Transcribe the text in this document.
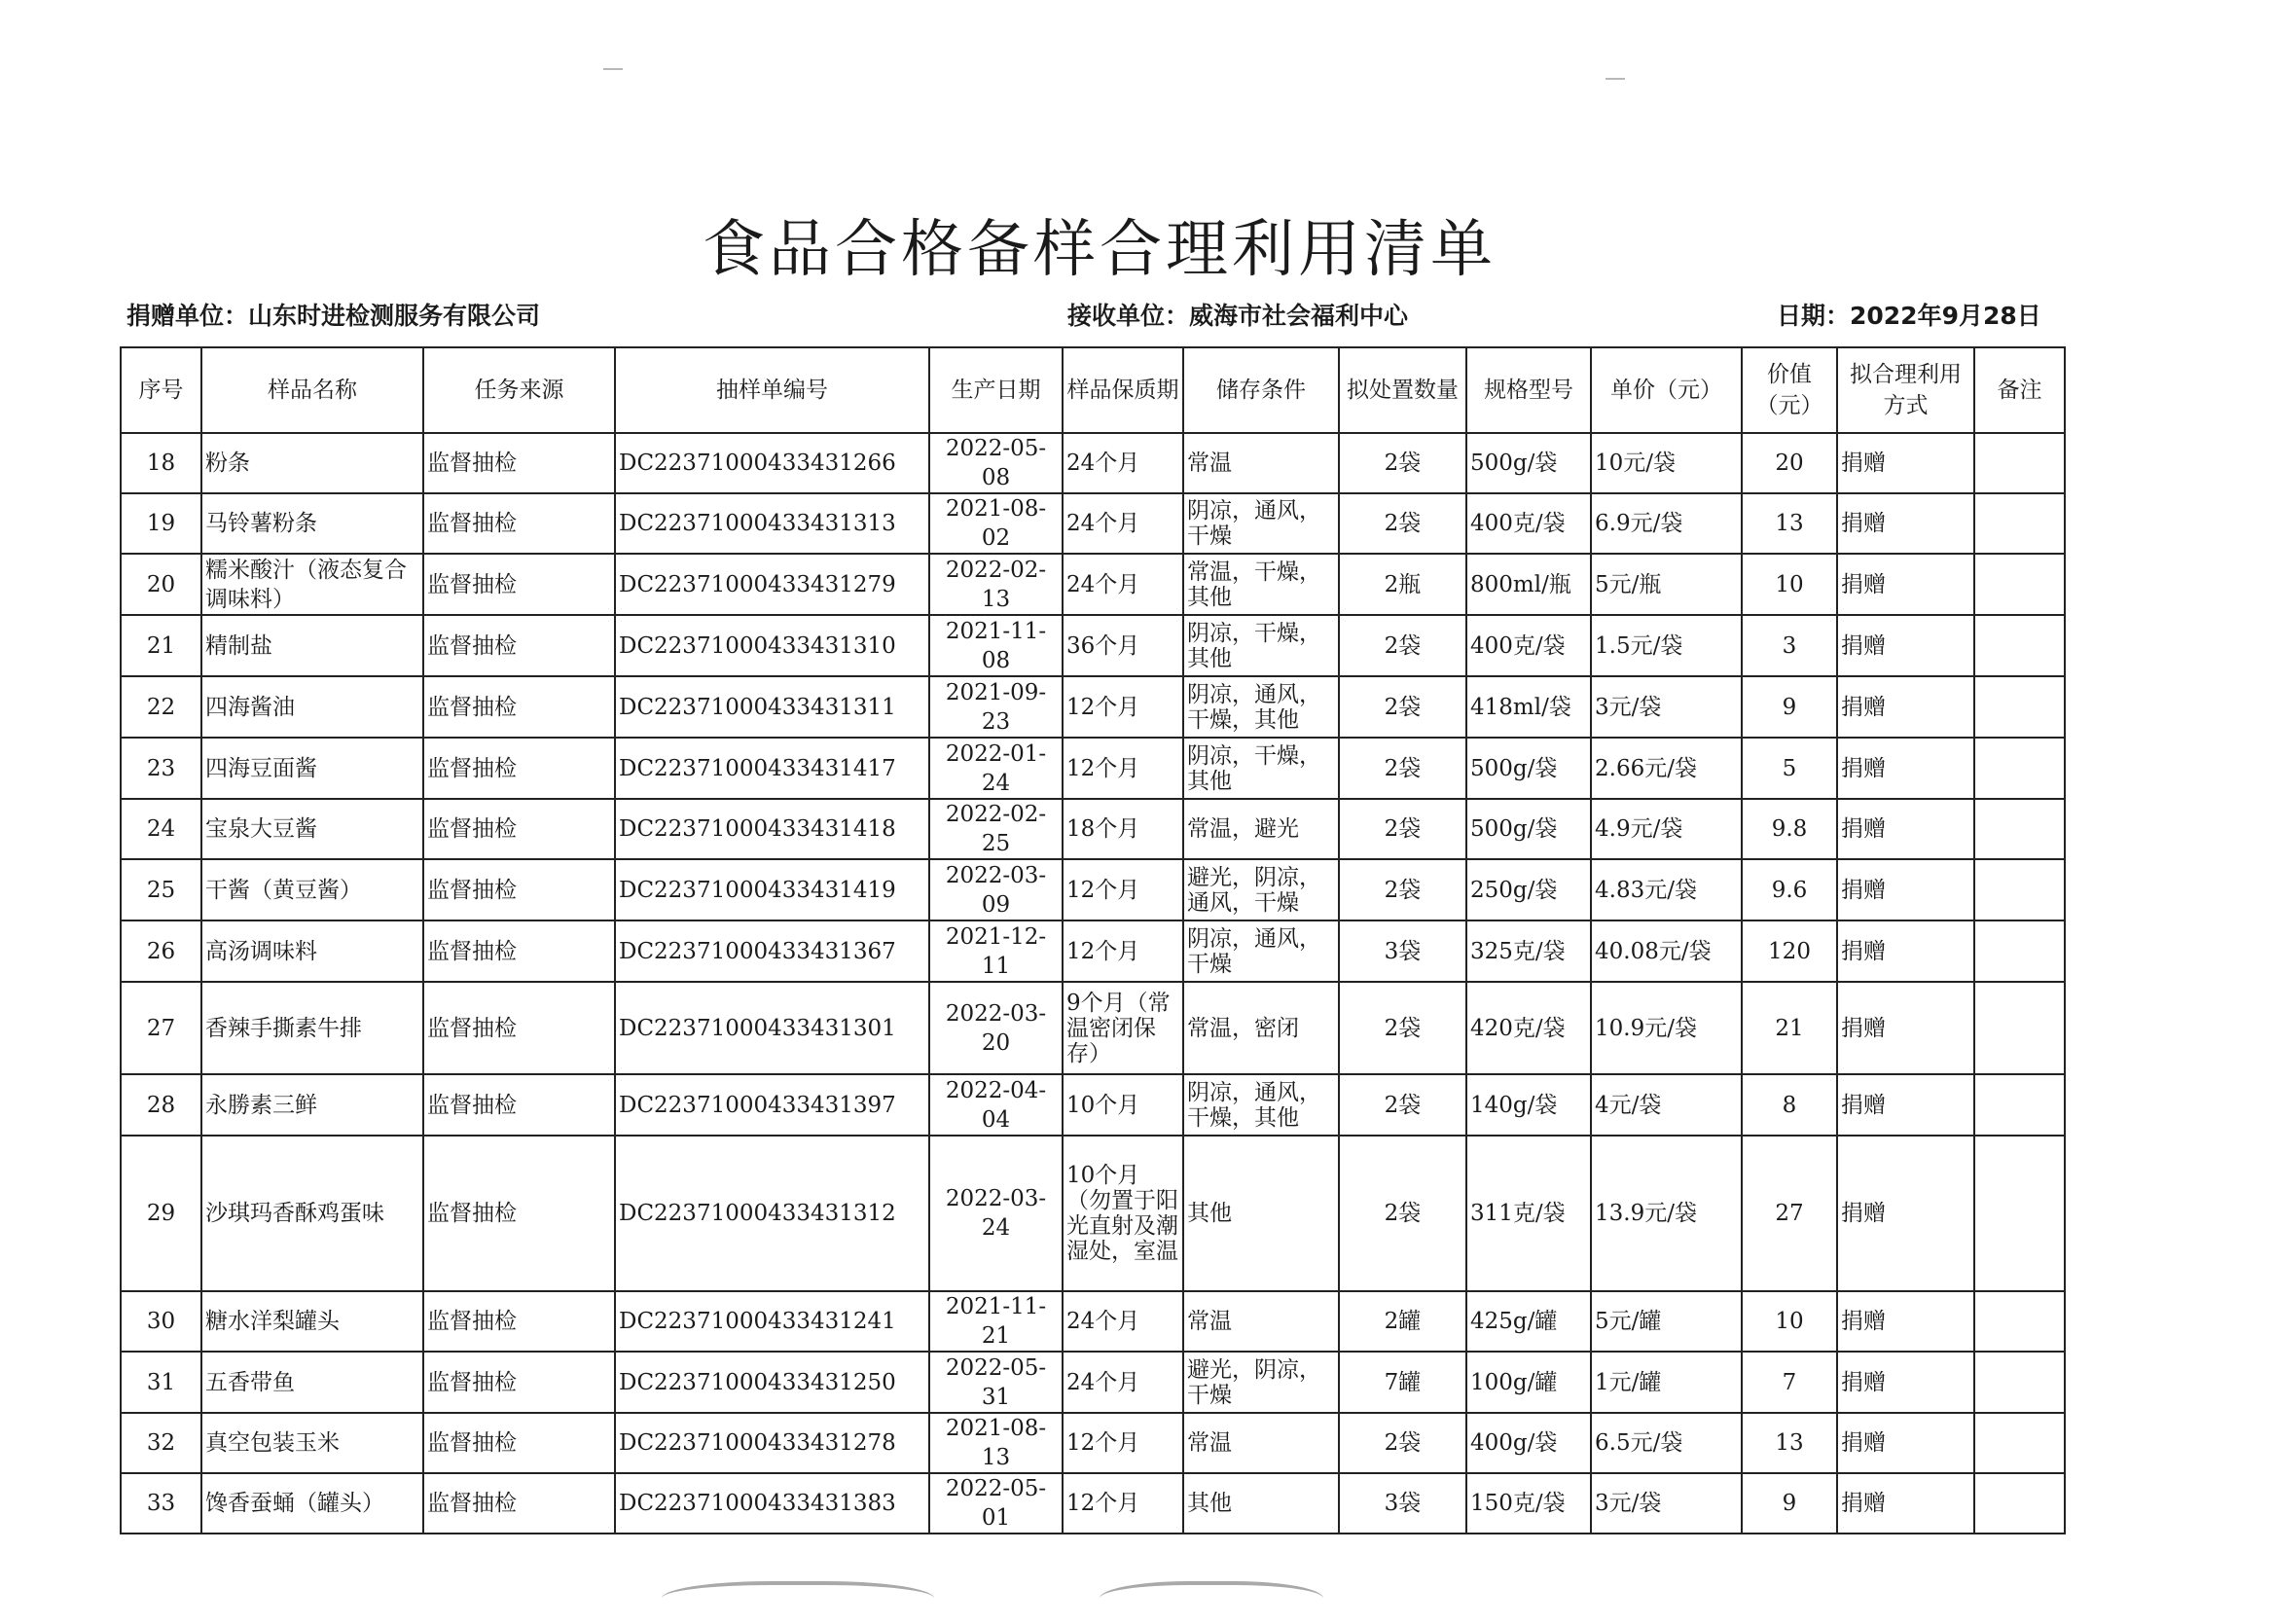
食品合格备样合理利用清单
捐赠单位：山东时进检测服务有限公司	接收单位：威海市社会福利中心	日期：2022年9月28日
序号	样品名称	任务来源	抽样单编号	生产日期	样品保质期	储存条件	拟处置数量	规格型号	单价（元）	价值（元）	拟合理利用方式	备注
18	粉条	监督抽检	DC22371000433431266	2022-05-08	24个月	常温	2袋	500g/袋	10元/袋	20	捐赠	
19	马铃薯粉条	监督抽检	DC22371000433431313	2021-08-02	24个月	阴凉，通风，干燥	2袋	400克/袋	6.9元/袋	13	捐赠	
20	糯米酸汁（液态复合调味料）	监督抽检	DC22371000433431279	2022-02-13	24个月	常温，干燥，其他	2瓶	800ml/瓶	5元/瓶	10	捐赠	
21	精制盐	监督抽检	DC22371000433431310	2021-11-08	36个月	阴凉，干燥，其他	2袋	400克/袋	1.5元/袋	3	捐赠	
22	四海酱油	监督抽检	DC22371000433431311	2021-09-23	12个月	阴凉，通风，干燥，其他	2袋	418ml/袋	3元/袋	9	捐赠	
23	四海豆面酱	监督抽检	DC22371000433431417	2022-01-24	12个月	阴凉，干燥，其他	2袋	500g/袋	2.66元/袋	5	捐赠	
24	宝泉大豆酱	监督抽检	DC22371000433431418	2022-02-25	18个月	常温，避光	2袋	500g/袋	4.9元/袋	9.8	捐赠	
25	干酱（黄豆酱）	监督抽检	DC22371000433431419	2022-03-09	12个月	避光，阴凉，通风，干燥	2袋	250g/袋	4.83元/袋	9.6	捐赠	
26	高汤调味料	监督抽检	DC22371000433431367	2021-12-11	12个月	阴凉，通风，干燥	3袋	325克/袋	40.08元/袋	120	捐赠	
27	香辣手撕素牛排	监督抽检	DC22371000433431301	2022-03-20	9个月（常温密闭保存）	常温，密闭	2袋	420克/袋	10.9元/袋	21	捐赠	
28	永勝素三鲜	监督抽检	DC22371000433431397	2022-04-04	10个月	阴凉，通风，干燥，其他	2袋	140g/袋	4元/袋	8	捐赠	
29	沙琪玛香酥鸡蛋味	监督抽检	DC22371000433431312	2022-03-24	10个月（勿置于阳光直射及潮湿处，室温	其他	2袋	311克/袋	13.9元/袋	27	捐赠	
30	糖水洋梨罐头	监督抽检	DC22371000433431241	2021-11-21	24个月	常温	2罐	425g/罐	5元/罐	10	捐赠	
31	五香带鱼	监督抽检	DC22371000433431250	2022-05-31	24个月	避光，阴凉，干燥	7罐	100g/罐	1元/罐	7	捐赠	
32	真空包装玉米	监督抽检	DC22371000433431278	2021-08-13	12个月	常温	2袋	400g/袋	6.5元/袋	13	捐赠	
33	馋香蚕蛹（罐头）	监督抽检	DC22371000433431383	2022-05-01	12个月	其他	3袋	150克/袋	3元/袋	9	捐赠	
